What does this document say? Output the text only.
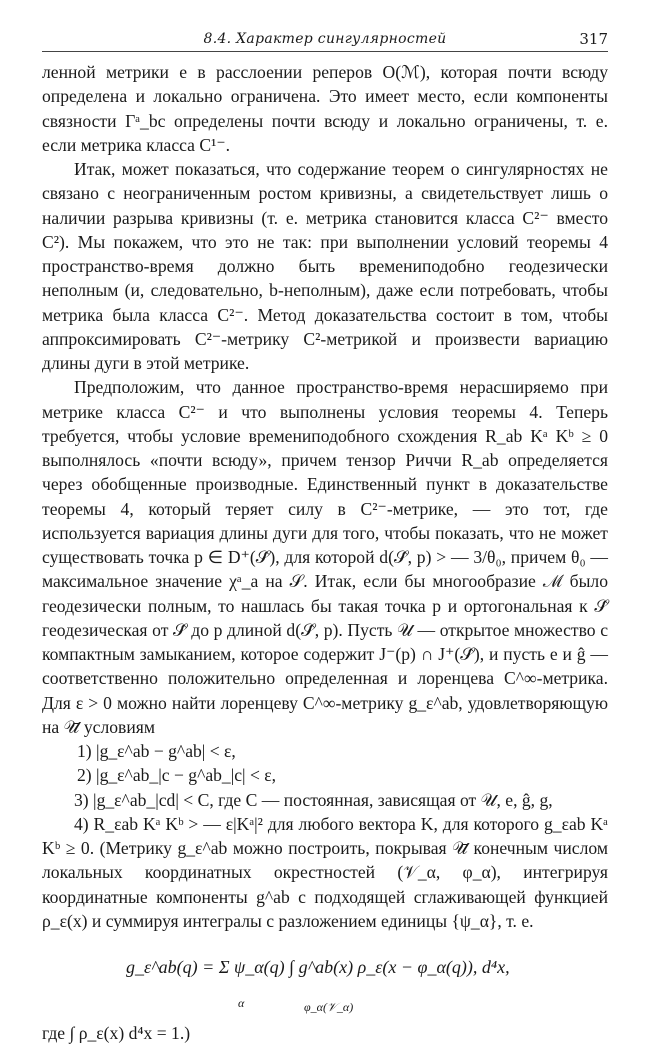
8.4. Характер сингулярностей	317

ленной метрики e в расслоении реперов O(ℳ), которая почти всюду определена и локально ограничена. Это имеет место, если компоненты связности Γᵃ_bc определены почти всюду и локально ограничены, т. е. если метрика класса C¹⁻.

Итак, может показаться, что содержание теорем о сингулярностях не связано с неограниченным ростом кривизны, а свидетельствует лишь о наличии разрыва кривизны (т. е. метрика становится класса C²⁻ вместо C²). Мы покажем, что это не так: при выполнении условий теоремы 4 пространство-время должно быть времениподобно геодезически неполным (и, следовательно, b-неполным), даже если потребовать, чтобы метрика была класса C²⁻. Метод доказательства состоит в том, чтобы аппроксимировать C²⁻-метрику C²-метрикой и произвести вариацию длины дуги в этой метрике.

Предположим, что данное пространство-время нерасширяемо при метрике класса C²⁻ и что выполнены условия теоремы 4. Теперь требуется, чтобы условие времениподобного схождения R_ab Kᵃ Kᵇ ≥ 0 выполнялось «почти всюду», причем тензор Риччи R_ab определяется через обобщенные производные. Единственный пункт в доказательстве теоремы 4, который теряет силу в C²⁻-метрике, — это тот, где используется вариация длины дуги для того, чтобы показать, что не может существовать точка p ∈ D⁺(𝒮̂), для которой d(𝒮̂, p) > — 3/θ₀, причем θ₀ — максимальное значение χᵃ_a на 𝒮. Итак, если бы многообразие ℳ было геодезически полным, то нашлась бы такая точка p и ортогональная к 𝒮̂ геодезическая от 𝒮̂ до p длиной d(𝒮̂, p). Пусть 𝒰 — открытое множество с компактным замыканием, которое содержит J⁻(p) ∩ J⁺(𝒮̂), и пусть e и ĝ — соответственно положительно определенная и лоренцева C^∞-метрика. Для ε > 0 можно найти лоренцеву C^∞-метрику g_ε^ab, удовлетворяющую на 𝒰̄ условиям

1) |g_ε^ab − g^ab| < ε,

2) |g_ε^ab_|c − g^ab_|c| < ε,

3) |g_ε^ab_|cd| < C, где C — постоянная, зависящая от 𝒰, e, ĝ, g,

4) R_εab Kᵃ Kᵇ > — ε|Kᵃ|² для любого вектора K, для которого g_εab Kᵃ Kᵇ ≥ 0. (Метрику g_ε^ab можно построить, покрывая 𝒰̄ конечным числом локальных координатных окрестностей (𝒱_α, φ_α), интегрируя координатные компоненты g^ab с подходящей сглаживающей функцией ρ_ε(x) и суммируя интегралы с разложением единицы {ψ_α}, т. е.

g_ε^ab(q) = Σ ψ_α(q) ∫ g^ab(x) ρ_ε(x − φ_α(q)), d⁴x,
α	φ_α(𝒱_α)

где ∫ ρ_ε(x) d⁴x = 1.)
